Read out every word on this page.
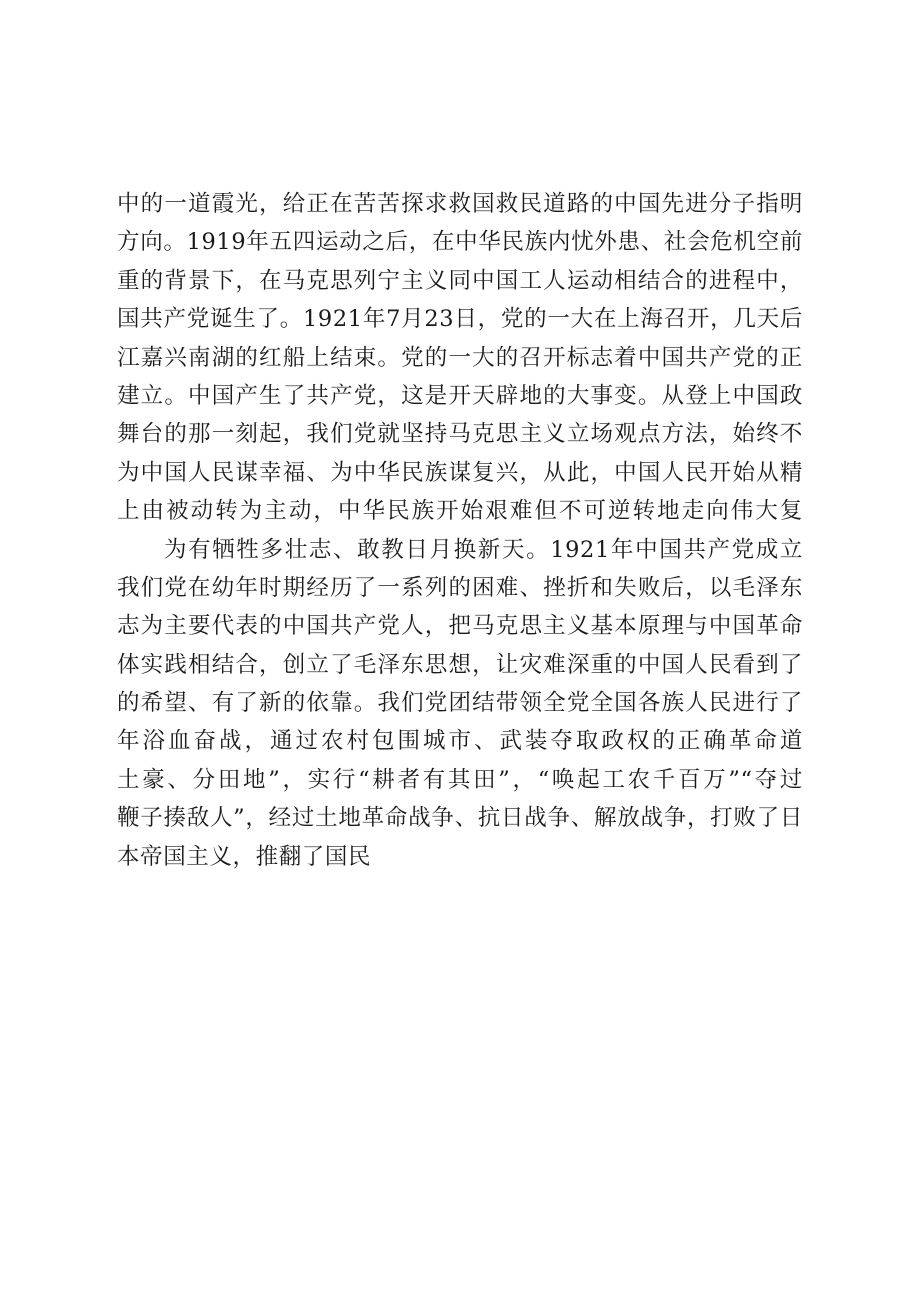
中的一道霞光，给正在苦苦探求救国救民道路的中国先进分子指明
方向。1919年五四运动之后，在中华民族内忧外患、社会危机空前
重的背景下，在马克思列宁主义同中国工人运动相结合的进程中，
国共产党诞生了。1921年7月23日，党的一大在上海召开，几天后
江嘉兴南湖的红船上结束。党的一大的召开标志着中国共产党的正
建立。中国产生了共产党，这是开天辟地的大事变。从登上中国政
舞台的那一刻起，我们党就坚持马克思主义立场观点方法，始终不
为中国人民谋幸福、为中华民族谋复兴，从此，中国人民开始从精
上由被动转为主动，中华民族开始艰难但不可逆转地走向伟大复
为有牺牲多壮志、敢教日月换新天。1921年中国共产党成立
我们党在幼年时期经历了一系列的困难、挫折和失败后，以毛泽东
志为主要代表的中国共产党人，把马克思主义基本原理与中国革命
体实践相结合，创立了毛泽东思想，让灾难深重的中国人民看到了
的希望、有了新的依靠。我们党团结带领全党全国各族人民进行了
年浴血奋战，通过农村包围城市、武装夺取政权的正确革命道
土豪、分田地”，实行“耕者有其田”，“唤起工农千百万”“夺过
鞭子揍敌人”，经过土地革命战争、抗日战争、解放战争，打败了日
本帝国主义，推翻了国民
